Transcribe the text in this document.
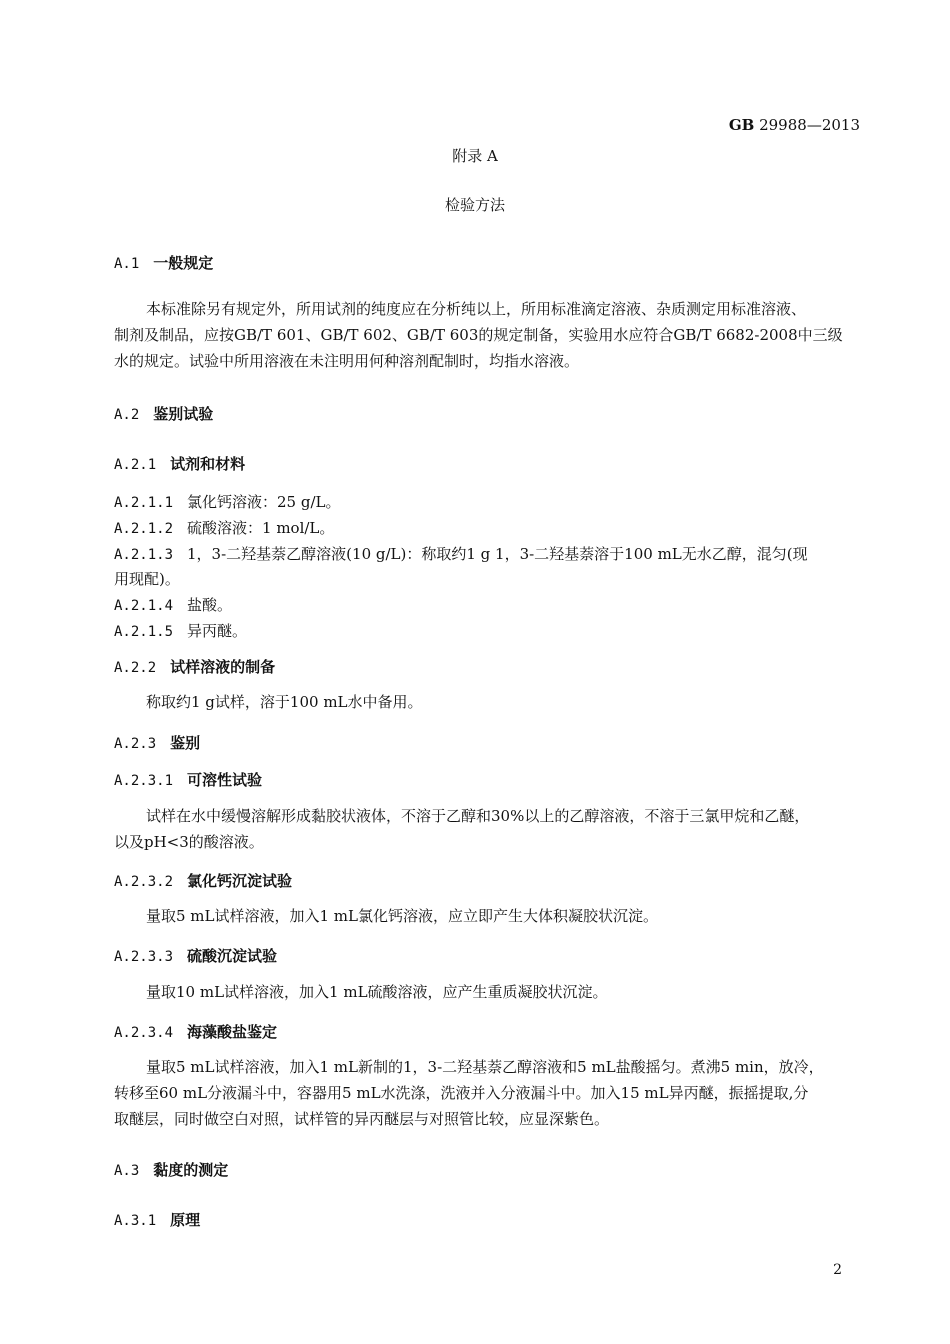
GB 29988—2013
附录 A
检验方法
A.1 一般规定
本标准除另有规定外，所用试剂的纯度应在分析纯以上，所用标准滴定溶液、杂质测定用标准溶液、
制剂及制品，应按GB/T 601、GB/T 602、GB/T 603的规定制备，实验用水应符合GB/T 6682-2008中三级
水的规定。试验中所用溶液在未注明用何种溶剂配制时，均指水溶液。
A.2 鉴别试验
A.2.1 试剂和材料
A.2.1.1 氯化钙溶液：25 g/L。
A.2.1.2 硫酸溶液：1 mol/L。
A.2.1.3 1，3-二羟基萘乙醇溶液(10 g/L)：称取约1 g 1，3-二羟基萘溶于100 mL无水乙醇，混匀(现
用现配)。
A.2.1.4 盐酸。
A.2.1.5 异丙醚。
A.2.2 试样溶液的制备
称取约1 g试样，溶于100 mL水中备用。
A.2.3 鉴别
A.2.3.1 可溶性试验
试样在水中缓慢溶解形成黏胶状液体，不溶于乙醇和30%以上的乙醇溶液，不溶于三氯甲烷和乙醚，
以及pH<3的酸溶液。
A.2.3.2 氯化钙沉淀试验
量取5 mL试样溶液，加入1 mL氯化钙溶液，应立即产生大体积凝胶状沉淀。
A.2.3.3 硫酸沉淀试验
量取10 mL试样溶液，加入1 mL硫酸溶液，应产生重质凝胶状沉淀。
A.2.3.4 海藻酸盐鉴定
量取5 mL试样溶液，加入1 mL新制的1，3-二羟基萘乙醇溶液和5 mL盐酸摇匀。煮沸5 min，放冷，
转移至60 mL分液漏斗中，容器用5 mL水洗涤，洗液并入分液漏斗中。加入15 mL异丙醚，振摇提取,分
取醚层，同时做空白对照，试样管的异丙醚层与对照管比较，应显深紫色。
A.3 黏度的测定
A.3.1 原理
2
